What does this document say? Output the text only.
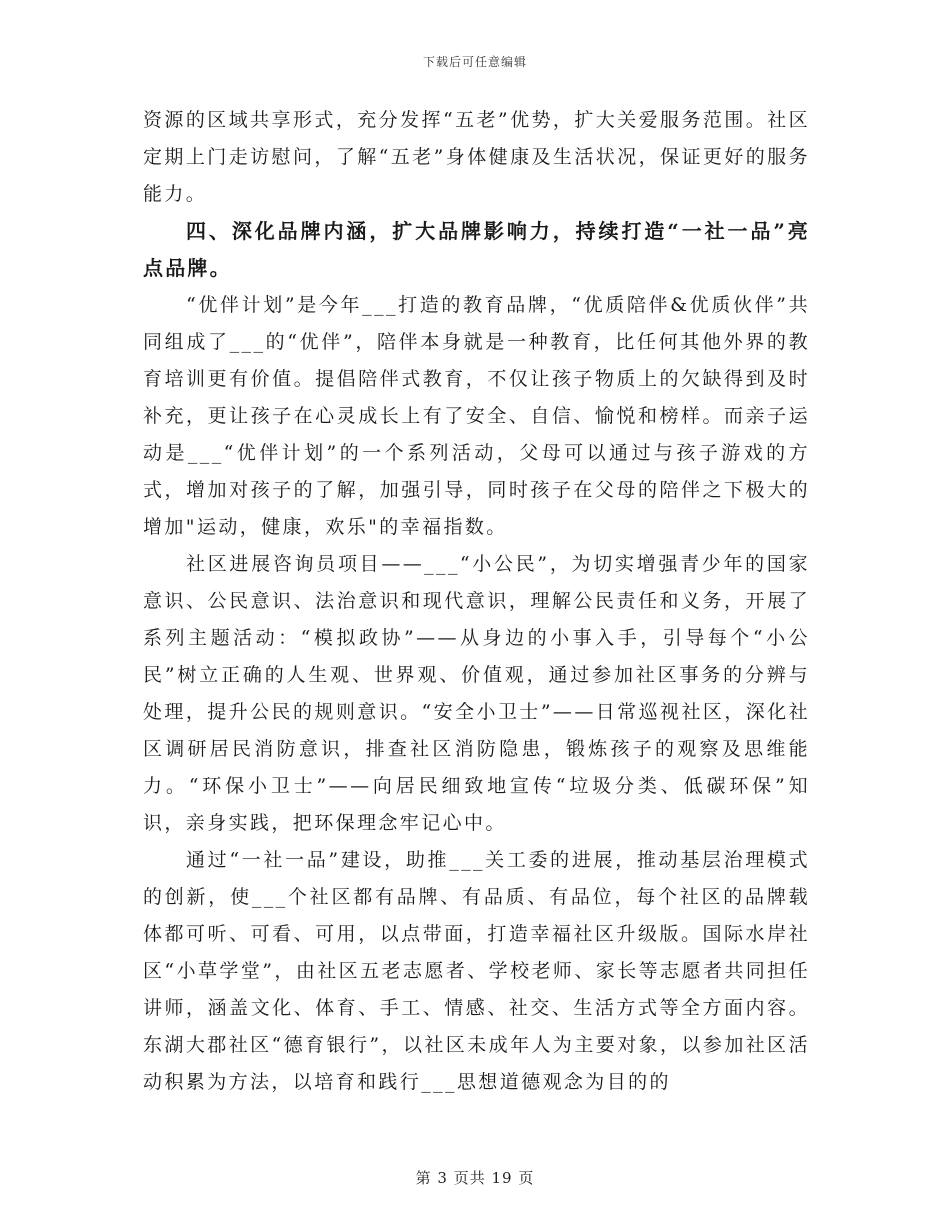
下载后可任意编辑

资源的区域共享形式，充分发挥“五老”优势，扩大关爱服务范围。社区定期上门走访慰问，了解“五老”身体健康及生活状况，保证更好的服务能力。

四、深化品牌内涵，扩大品牌影响力，持续打造“一社一品”亮点品牌。

“优伴计划”是今年___打造的教育品牌，“优质陪伴&优质伙伴”共同组成了___的“优伴”，陪伴本身就是一种教育，比任何其他外界的教育培训更有价值。提倡陪伴式教育，不仅让孩子物质上的欠缺得到及时补充，更让孩子在心灵成长上有了安全、自信、愉悦和榜样。而亲子运动是___“优伴计划”的一个系列活动，父母可以通过与孩子游戏的方式，增加对孩子的了解，加强引导，同时孩子在父母的陪伴之下极大的增加"运动，健康，欢乐"的幸福指数。

社区进展咨询员项目——___“小公民”，为切实增强青少年的国家意识、公民意识、法治意识和现代意识，理解公民责任和义务，开展了系列主题活动：“模拟政协”——从身边的小事入手，引导每个“小公民”树立正确的人生观、世界观、价值观，通过参加社区事务的分辨与处理，提升公民的规则意识。“安全小卫士”——日常巡视社区，深化社区调研居民消防意识，排查社区消防隐患，锻炼孩子的观察及思维能力。“环保小卫士”——向居民细致地宣传“垃圾分类、低碳环保”知识，亲身实践，把环保理念牢记心中。

通过“一社一品”建设，助推___关工委的进展，推动基层治理模式的创新，使___个社区都有品牌、有品质、有品位，每个社区的品牌载体都可听、可看、可用，以点带面，打造幸福社区升级版。国际水岸社区“小草学堂”，由社区五老志愿者、学校老师、家长等志愿者共同担任讲师，涵盖文化、体育、手工、情感、社交、生活方式等全方面内容。东湖大郡社区“德育银行”，以社区未成年人为主要对象，以参加社区活动积累为方法，以培育和践行___思想道德观念为目的的

第 3 页共 19 页
